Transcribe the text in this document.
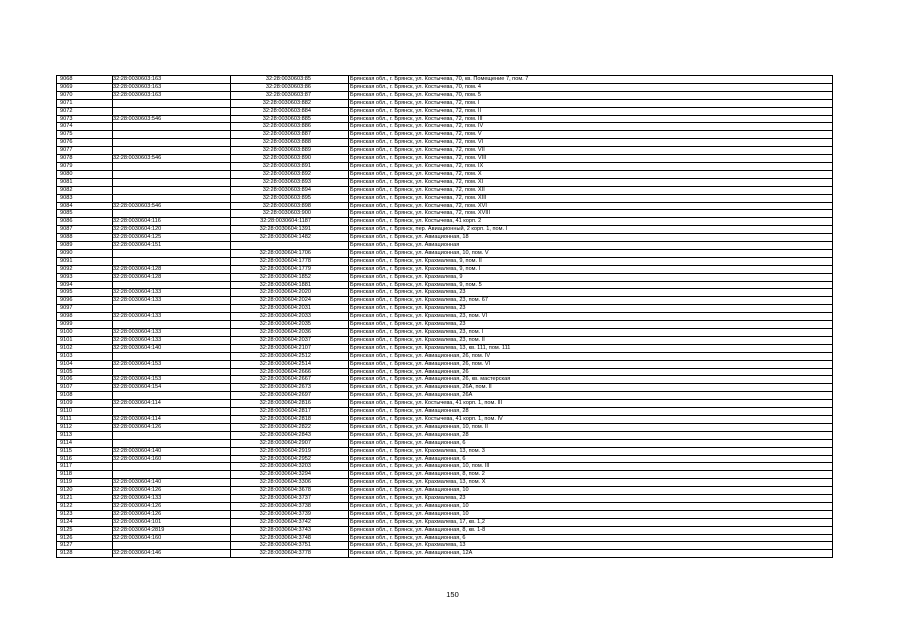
9068	32:28:0030603:163	32:28:0030603:85	Брянская обл., г. Брянск, ул. Костычева, 70, кв. Помещение 7, пом. 7
9069	32:28:0030603:163	32:28:0030603:86	Брянская обл., г. Брянск, ул. Костычева, 70, пом. 4
9070	32:28:0030603:163	32:28:0030603:87	Брянская обл., г. Брянск, ул. Костычева, 70, пом. 5
9071		32:28:0030603:882	Брянская обл., г. Брянск, ул. Костычева, 72, пом. I
9072		32:28:0030603:884	Брянская обл., г. Брянск, ул. Костычева, 72, пом. II
9073	32:28:0030603:546	32:28:0030603:885	Брянская обл., г. Брянск, ул. Костычева, 72, пом. III
9074		32:28:0030603:886	Брянская обл., г. Брянск, ул. Костычева, 72, пом. IV
9075		32:28:0030603:887	Брянская обл., г. Брянск, ул. Костычева, 72, пом. V
9076		32:28:0030603:888	Брянская обл., г. Брянск, ул. Костычева, 72, пом. VI
9077		32:28:0030603:889	Брянская обл., г. Брянск, ул. Костычева, 72, пом. VII
9078	32:28:0030603:546	32:28:0030603:890	Брянская обл., г. Брянск, ул. Костычева, 72, пом. VIII
9079		32:28:0030603:891	Брянская обл., г. Брянск, ул. Костычева, 72, пом. IX
9080		32:28:0030603:892	Брянская обл., г. Брянск, ул. Костычева, 72, пом. X
9081		32:28:0030603:893	Брянская обл., г. Брянск, ул. Костычева, 72, пом. XI
9082		32:28:0030603:894	Брянская обл., г. Брянск, ул. Костычева, 72, пом. XII
9083		32:28:0030603:895	Брянская обл., г. Брянск, ул. Костычева, 72, пом. XIII
9084	32:28:0030603:546	32:28:0030603:898	Брянская обл., г. Брянск, ул. Костычева, 72, пом. XVI
9085		32:28:0030603:900	Брянская обл., г. Брянск, ул. Костычева, 72, пом. XVIII
9086	32:28:0030604:116	32:28:0030604:1187	Брянская обл., г. Брянск, ул. Костычева, 41 корп. 2
9087	32:28:0030604:120	32:28:0030604:1391	Брянская обл., г. Брянск, пер. Авиационный, 2 корп. 1, пом. I
9088	32:28:0030604:125	32:28:0030604:1482	Брянская обл., г. Брянск, ул. Авиационная, 18
9089	32:28:0030604:151		Брянская обл., г. Брянск, ул. Авиационная
9090		32:28:0030604:1706	Брянская обл., г. Брянск, ул. Авиационная, 10, пом. V
9091		32:28:0030604:1778	Брянская обл., г. Брянск, ул. Крахмалева, 9, пом. II
9092	32:28:0030604:128	32:28:0030604:1779	Брянская обл., г. Брянск, ул. Крахмалева, 9, пом. I
9093	32:28:0030604:128	32:28:0030604:1852	Брянская обл., г. Брянск, ул. Крахмалева, 9
9094		32:28:0030604:1881	Брянская обл., г. Брянск, ул. Крахмалева, 9, пом. 5
9095	32:28:0030604:133	32:28:0030604:2020	Брянская обл., г. Брянск, ул. Крахмалева, 23
9096	32:28:0030604:133	32:28:0030604:2024	Брянская обл., г. Брянск, ул. Крахмалева, 23, пом. 67
9097		32:28:0030604:2031	Брянская обл., г. Брянск, ул. Крахмалева, 23
9098	32:28:0030604:133	32:28:0030604:2033	Брянская обл., г. Брянск, ул. Крахмалева, 23, пом. VI
9099		32:28:0030604:2035	Брянская обл., г. Брянск, ул. Крахмалева, 23
9100	32:28:0030604:133	32:28:0030604:2036	Брянская обл., г. Брянск, ул. Крахмалева, 23, пом. I
9101	32:28:0030604:133	32:28:0030604:2037	Брянская обл., г. Брянск, ул. Крахмалева, 23, пом. II
9102	32:28:0030604:140	32:28:0030604:2107	Брянская обл., г. Брянск, ул. Крахмалева, 13, кв. 111, пом. 111
9103		32:28:0030604:2512	Брянская обл., г. Брянск, ул. Авиационная, 26, пом. IV
9104	32:28:0030604:153	32:28:0030604:2514	Брянская обл., г. Брянск, ул. Авиационная, 26, пом. VI
9105		32:28:0030604:2666	Брянская обл., г. Брянск, ул. Авиационная, 26
9106	32:28:0030604:153	32:28:0030604:2667	Брянская обл., г. Брянск, ул. Авиационная, 26, кв. мастерская
9107	32:28:0030604:154	32:28:0030604:2673	Брянская обл., г. Брянск, ул. Авиационная, 26А, пом. II
9108		32:28:0030604:2697	Брянская обл., г. Брянск, ул. Авиационная, 26А
9109	32:28:0030604:114	32:28:0030604:2816	Брянская обл., г. Брянск, ул. Костычева, 41 корп. 1, пом. III
9110		32:28:0030604:2817	Брянская обл., г. Брянск, ул. Авиационная, 28
9111	32:28:0030604:114	32:28:0030604:2818	Брянская обл., г. Брянск, ул. Костычева, 41 корп. 1, пом. IV
9112	32:28:0030604:126	32:28:0030604:2822	Брянская обл., г. Брянск, ул. Авиационная, 10, пом. II
9113		32:28:0030604:2843	Брянская обл., г. Брянск, ул. Авиационная, 28
9114		32:28:0030604:2907	Брянская обл., г. Брянск, ул. Авиационная, 6
9115	32:28:0030604:140	32:28:0030604:2919	Брянская обл., г. Брянск, ул. Крахмалева, 13, пом. 3
9116	32:28:0030604:160	32:28:0030604:2952	Брянская обл., г. Брянск, ул. Авиационная, 6
9117		32:28:0030604:3203	Брянская обл., г. Брянск, ул. Авиационная, 10, пом. III
9118		32:28:0030604:3294	Брянская обл., г. Брянск, ул. Авиационная, 8, пом. 2
9119	32:28:0030604:140	32:28:0030604:3306	Брянская обл., г. Брянск, ул. Крахмалева, 13, пом. X
9120	32:28:0030604:126	32:28:0030604:3678	Брянская обл., г. Брянск, ул. Авиационная, 10
9121	32:28:0030604:133	32:28:0030604:3737	Брянская обл., г. Брянск, ул. Крахмалева, 23
9122	32:28:0030604:126	32:28:0030604:3738	Брянская обл., г. Брянск, ул. Авиационная, 10
9123	32:28:0030604:126	32:28:0030604:3739	Брянская обл., г. Брянск, ул. Авиационная, 10
9124	32:28:0030604:101	32:28:0030604:3742	Брянская обл., г. Брянск, ул. Крахмалева, 17, кв. 1,2
9125	32:28:0030604:2819	32:28:0030604:3743	Брянская обл., г. Брянск, ул. Авиационная, 8, кв. 1-8
9126	32:28:0030604:160	32:28:0030604:3748	Брянская обл., г. Брянск, ул. Авиационная, 6
9127		32:28:0030604:3751	Брянская обл., г. Брянск, ул. Крахмалева, 13
9128	32:28:0030604:146	32:28:0030604:3778	Брянская обл., г. Брянск, ул. Авиационная, 12А
150
